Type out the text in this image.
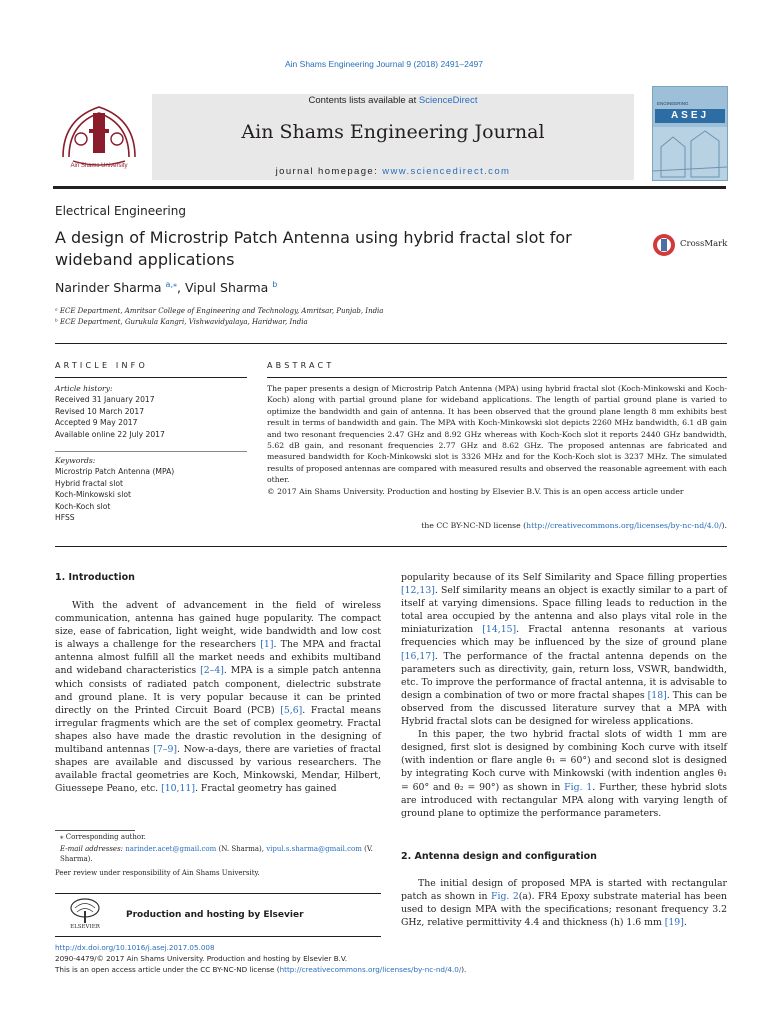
Ain Shams Engineering Journal 9 (2018) 2491–2497
Ain Shams University
Contents lists available at ScienceDirect
Ain Shams Engineering Journal
journal homepage: www.sciencedirect.com
ENGINEERING
ASEJ
Electrical Engineering
A design of Microstrip Patch Antenna using hybrid fractal slot for wideband applications
CrossMark
Narinder Sharma $^{a,⁎}$, Vipul Sharma $^b$
ᵃ ECE Department, Amritsar College of Engineering and Technology, Amritsar, Punjab, India
ᵇ ECE Department, Gurukula Kangri, Vishwavidyalaya, Haridwar, India
ARTICLE INFO
Article history:
Received 31 January 2017
Revised 10 March 2017
Accepted 9 May 2017
Available online 22 July 2017
Keywords:
Microstrip Patch Antenna (MPA)
Hybrid fractal slot
Koch-Minkowski slot
Koch-Koch slot
HFSS
ABSTRACT
The paper presents a design of Microstrip Patch Antenna (MPA) using hybrid fractal slot (Koch-Minkowski and Koch-Koch) along with partial ground plane for wideband applications. The length of partial ground plane is varied to optimize the bandwidth and gain of antenna. It has been observed that the ground plane length 8 mm exhibits best result in terms of bandwidth and gain. The MPA with Koch-Minkowski slot depicts 2260 MHz bandwidth, 6.1 dB gain and two resonant frequencies 2.47 GHz and 8.92 GHz whereas with Koch-Koch slot it reports 2440 GHz bandwidth, 5.62 dB gain, and resonant frequencies 2.77 GHz and 8.62 GHz. The proposed antennas are fabricated and measured bandwidth for Koch-Minkowski slot is 3326 MHz and for the Koch-Koch slot is 3237 MHz. The simulated results of proposed antennas are compared with measured results and observed the reasonable agreement with each other.
© 2017 Ain Shams University. Production and hosting by Elsevier B.V. This is an open access article under
the CC BY-NC-ND license (http://creativecommons.org/licenses/by-nc-nd/4.0/).
1. Introduction

With the advent of advancement in the field of wireless communication, antenna has gained huge popularity. The compact size, ease of fabrication, light weight, wide bandwidth and low cost is always a challenge for the researchers [1]. The MPA and fractal antenna almost fulfill all the market needs and exhibits multiband and wideband characteristics [2–4]. MPA is a simple patch antenna which consists of radiated patch component, dielectric substrate and ground plane. It is very popular because it can be printed directly on the Printed Circuit Board (PCB) [5,6]. Fractal means irregular fragments which are the set of complex geometry. Fractal shapes also have made the drastic revolution in the designing of multiband antennas [7–9]. Now-a-days, there are varieties of fractal shapes are available and discussed by various researchers. The available fractal geometries are Koch, Minkowski, Mendar, Hilbert, Giuessepe Peano, etc. [10,11]. Fractal geometry has gained

popularity because of its Self Similarity and Space filling properties [12,13]. Self similarity means an object is exactly similar to a part of itself at varying dimensions. Space filling leads to reduction in the total area occupied by the antenna and also plays vital role in the miniaturization [14,15]. Fractal antenna resonants at various frequencies which may be influenced by the size of ground plane [16,17]. The performance of the fractal antenna depends on the parameters such as directivity, gain, return loss, VSWR, bandwidth, etc. To improve the performance of fractal antenna, it is advisable to design a combination of two or more fractal shapes [18]. This can be observed from the discussed literature survey that a MPA with Hybrid fractal slots can be designed for wireless applications.

In this paper, the two hybrid fractal slots of width 1 mm are designed, first slot is designed by combining Koch curve with itself (with indention or flare angle θ₁ = 60°) and second slot is designed by integrating Koch curve with Minkowski (with indention angles θ₁ = 60° and θ₂ = 90°) as shown in Fig. 1. Further, these hybrid slots are introduced with rectangular MPA along with varying length of ground plane to optimize the performance parameters.

2. Antenna design and configuration

The initial design of proposed MPA is started with rectangular patch as shown in Fig. 2(a). FR4 Epoxy substrate material has been used to design MPA with the specifications; resonant frequency 3.2 GHz, relative permittivity 4.4 and thickness (h) 1.6 mm [19].

⁎ Corresponding author.
E-mail addresses: narinder.acet@gmail.com (N. Sharma), vipul.s.sharma@gmail.com (V. Sharma).
Peer review under responsibility of Ain Shams University.
ELSEVIER
Production and hosting by Elsevier
http://dx.doi.org/10.1016/j.asej.2017.05.008
2090-4479/© 2017 Ain Shams University. Production and hosting by Elsevier B.V.
This is an open access article under the CC BY-NC-ND license (http://creativecommons.org/licenses/by-nc-nd/4.0/).
